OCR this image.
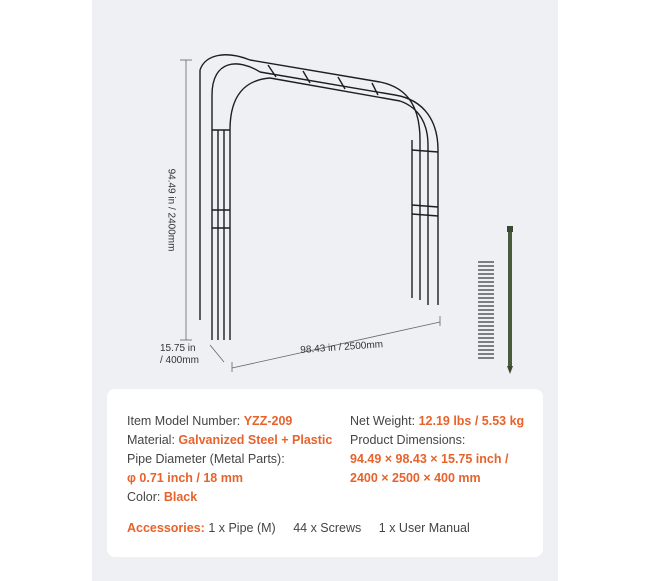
94.49 in / 2400mm
15.75 in
/ 400mm
98.43 in / 2500mm
Item Model Number: YZZ-209
Material: Galvanized Steel + Plastic
Pipe Diameter (Metal Parts):
φ 0.71 inch / 18 mm
Color: Black
Net Weight: 12.19 lbs / 5.53 kg
Product Dimensions:
94.49 × 98.43 × 15.75 inch /
2400 × 2500 × 400 mm
Accessories: 1 x Pipe (M) 44 x Screws 1 x User Manual
